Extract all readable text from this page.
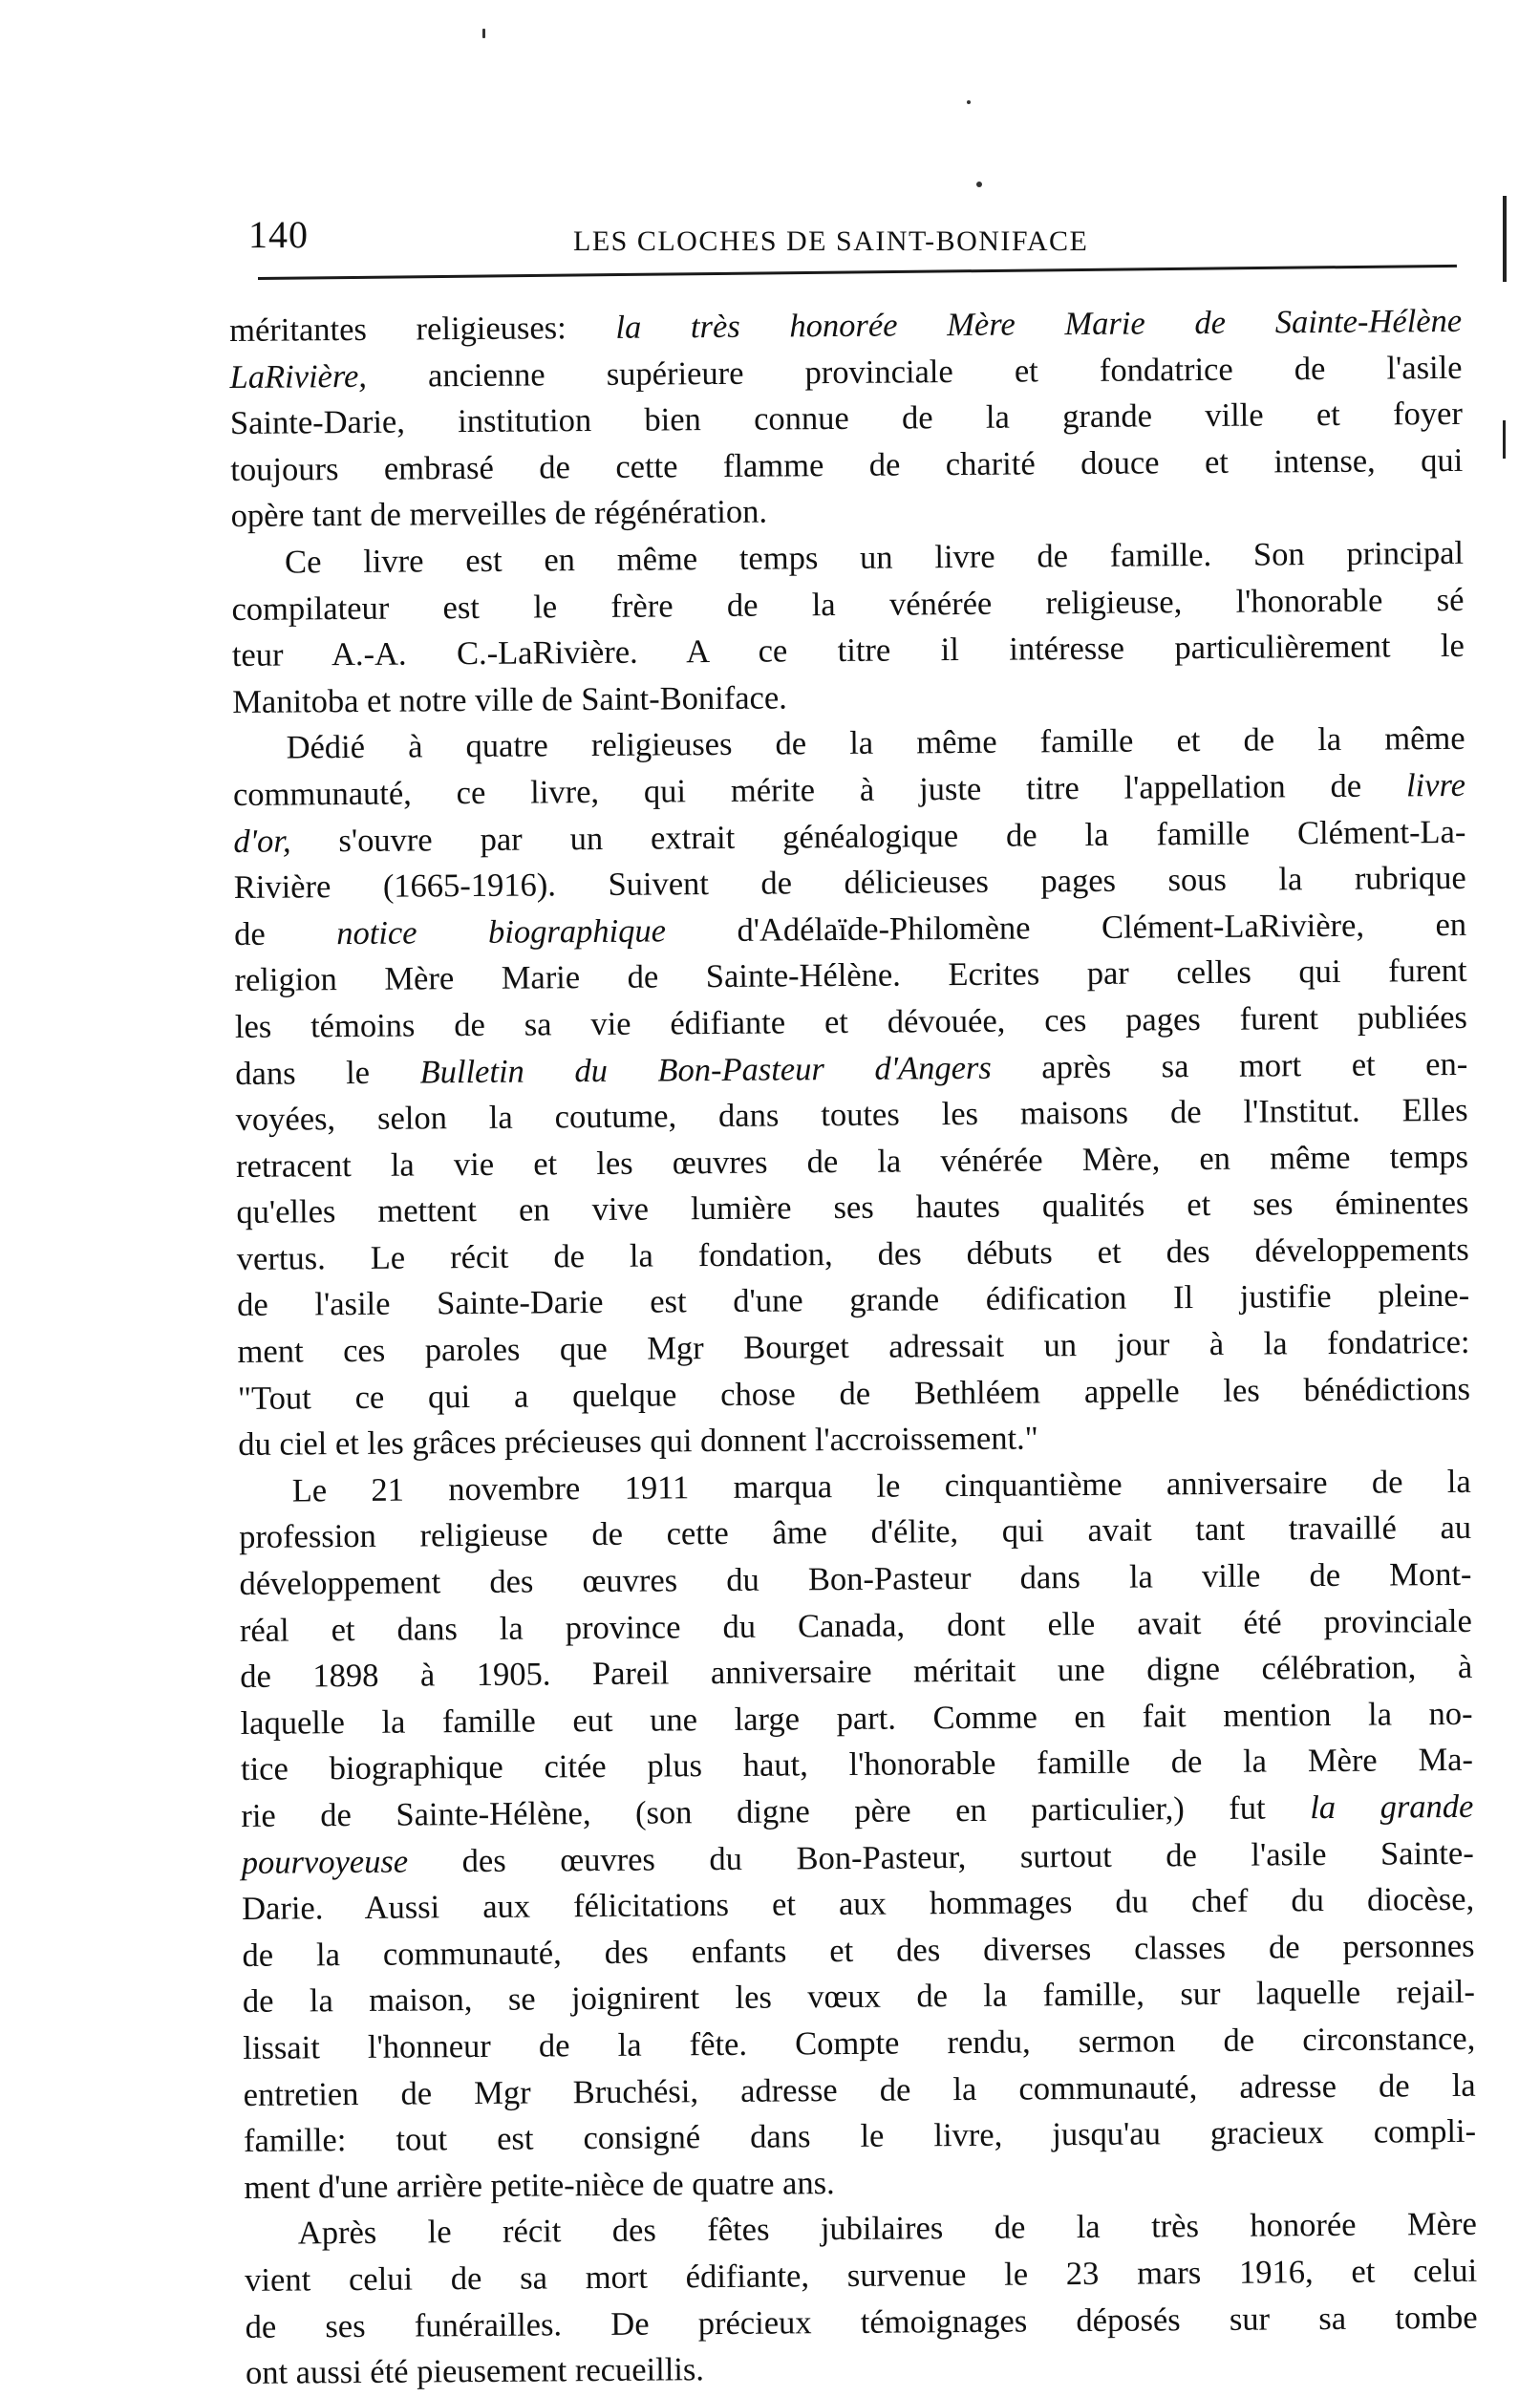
140	LES CLOCHES DE SAINT-BONIFACE
méritantes religieuses: la très honorée Mère Marie de Sainte-Hélène
LaRivière, ancienne supérieure provinciale et fondatrice de l'asile
Sainte-Darie, institution bien connue de la grande ville et foyer
toujours embrasé de cette flamme de charité douce et intense, qui
opère tant de merveilles de régénération.
Ce livre est en même temps un livre de famille. Son principal
compilateur est le frère de la vénérée religieuse, l'honorable sé
teur A.-A. C.-LaRivière. A ce titre il intéresse particulièrement le
Manitoba et notre ville de Saint-Boniface.
Dédié à quatre religieuses de la même famille et de la même
communauté, ce livre, qui mérite à juste titre l'appellation de livre
d'or, s'ouvre par un extrait généalogique de la famille Clément-La-
Rivière (1665-1916). Suivent de délicieuses pages sous la rubrique
de notice biographique d'Adélaïde-Philomène Clément-LaRivière, en
religion Mère Marie de Sainte-Hélène. Ecrites par celles qui furent
les témoins de sa vie édifiante et dévouée, ces pages furent publiées
dans le Bulletin du Bon-Pasteur d'Angers après sa mort et en-
voyées, selon la coutume, dans toutes les maisons de l'Institut. Elles
retracent la vie et les œuvres de la vénérée Mère, en même temps
qu'elles mettent en vive lumière ses hautes qualités et ses éminentes
vertus. Le récit de la fondation, des débuts et des développements
de l'asile Sainte-Darie est d'une grande édification Il justifie pleine-
ment ces paroles que Mgr Bourget adressait un jour à la fondatrice:
"Tout ce qui a quelque chose de Bethléem appelle les bénédictions
du ciel et les grâces précieuses qui donnent l'accroissement."
Le 21 novembre 1911 marqua le cinquantième anniversaire de la
profession religieuse de cette âme d'élite, qui avait tant travaillé au
développement des œuvres du Bon-Pasteur dans la ville de Mont-
réal et dans la province du Canada, dont elle avait été provinciale
de 1898 à 1905. Pareil anniversaire méritait une digne célébration, à
laquelle la famille eut une large part. Comme en fait mention la no-
tice biographique citée plus haut, l'honorable famille de la Mère Ma-
rie de Sainte-Hélène, (son digne père en particulier,) fut la grande
pourvoyeuse des œuvres du Bon-Pasteur, surtout de l'asile Sainte-
Darie. Aussi aux félicitations et aux hommages du chef du diocèse,
de la communauté, des enfants et des diverses classes de personnes
de la maison, se joignirent les vœux de la famille, sur laquelle rejail-
lissait l'honneur de la fête. Compte rendu, sermon de circonstance,
entretien de Mgr Bruchési, adresse de la communauté, adresse de la
famille: tout est consigné dans le livre, jusqu'au gracieux compli-
ment d'une arrière petite-nièce de quatre ans.
Après le récit des fêtes jubilaires de la très honorée Mère
vient celui de sa mort édifiante, survenue le 23 mars 1916, et celui
de ses funérailles. De précieux témoignages déposés sur sa tombe
ont aussi été pieusement recueillis.
